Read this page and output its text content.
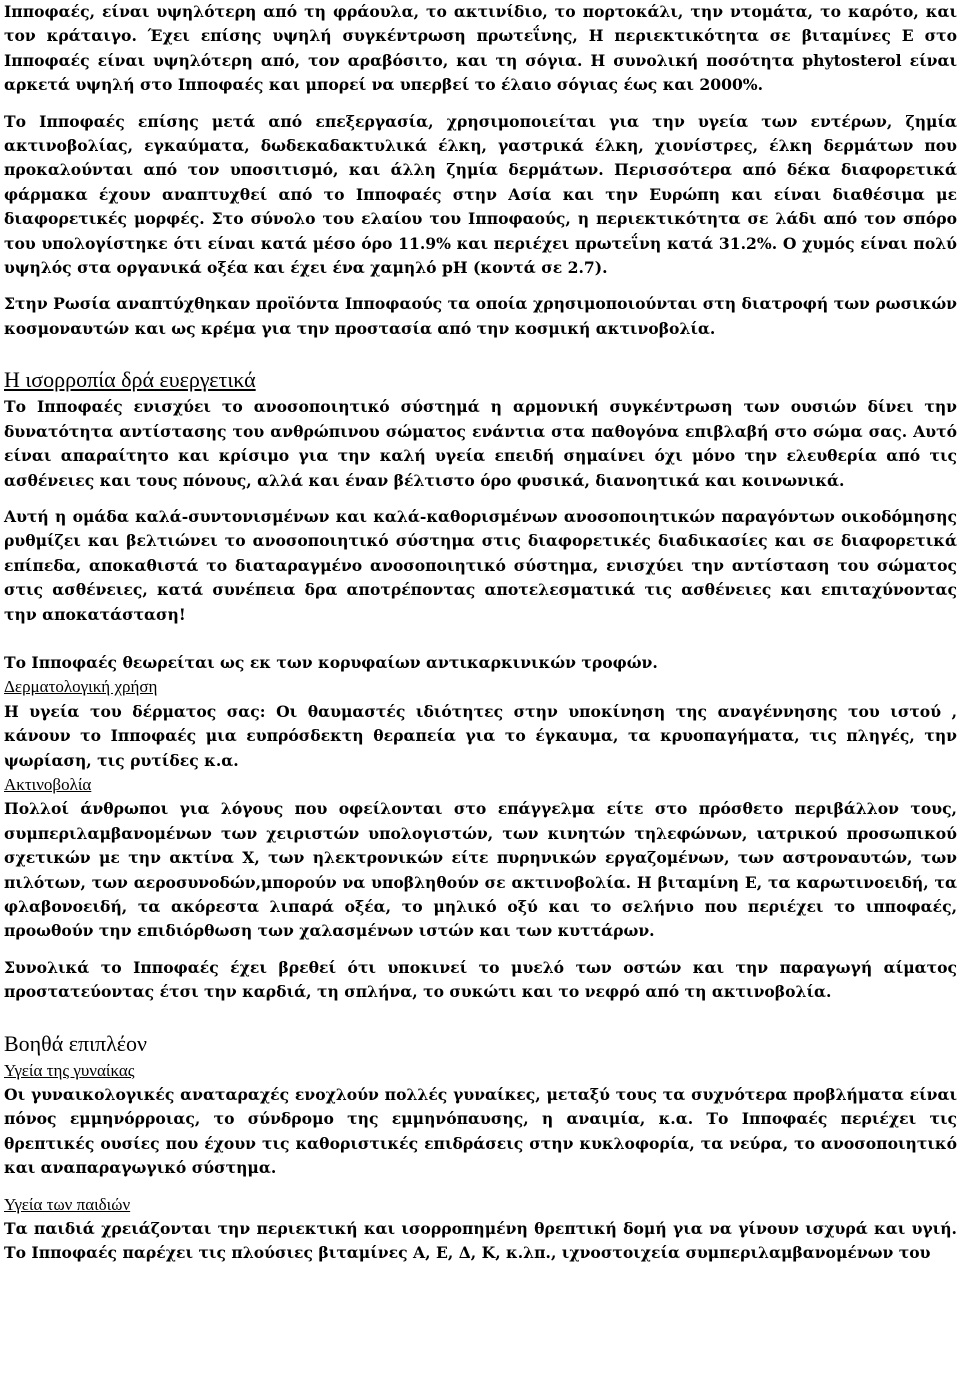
Ιπποφαές, είναι υψηλότερη από τη φράουλα, το ακτινίδιο, το πορτοκάλι, την ντομάτα, το καρότο, και τον κράταιγο. Έχει επίσης υψηλή συγκέντρωση πρωτεΐνης, Η περιεκτικότητα σε βιταμίνες Ε στο Ιπποφαές είναι υψηλότερη από, τον αραβόσιτο, και τη σόγια. Η συνολική ποσότητα phytosterol είναι αρκετά υψηλή στο Ιπποφαές και μπορεί να υπερβεί το έλαιο σόγιας έως και 2000%.

Το Ιπποφαές επίσης μετά από επεξεργασία, χρησιμοποιείται για την υγεία των εντέρων, ζημία ακτινοβολίας, εγκαύματα, δωδεκαδακτυλικά έλκη, γαστρικά έλκη, χιονίστρες, έλκη δερμάτων που προκαλούνται από τον υποσιτισμό, και άλλη ζημία δερμάτων. Περισσότερα από δέκα διαφορετικά φάρμακα έχουν αναπτυχθεί από το Ιπποφαές στην Ασία και την Ευρώπη και είναι διαθέσιμα με διαφορετικές μορφές. Στο σύνολο του ελαίου του Ιπποφαούς, η περιεκτικότητα σε λάδι από τον σπόρο του υπολογίστηκε ότι είναι κατά μέσο όρο 11.9% και περιέχει πρωτεΐνη κατά 31.2%. Ο χυμός είναι πολύ υψηλός στα οργανικά οξέα και έχει ένα χαμηλό pH (κοντά σε 2.7).

Στην Ρωσία αναπτύχθηκαν προϊόντα Ιπποφαούς τα οποία χρησιμοποιούνται στη διατροφή των ρωσικών κοσμοναυτών και ως κρέμα για την προστασία από την κοσμική ακτινοβολία.

Η ισορροπία δρά ευεργετικά

Το Ιπποφαές ενισχύει το ανοσοποιητικό σύστημά η αρμονική συγκέντρωση των ουσιών δίνει την δυνατότητα αντίστασης του ανθρώπινου σώματος ενάντια στα παθογόνα επιβλαβή στο σώμα σας. Αυτό είναι απαραίτητο και κρίσιμο για την καλή υγεία επειδή σημαίνει όχι μόνο την ελευθερία από τις ασθένειες και τους πόνους, αλλά και έναν βέλτιστο όρο φυσικά, διανοητικά και κοινωνικά.

Αυτή η ομάδα καλά-συντονισμένων και καλά-καθορισμένων ανοσοποιητικών παραγόντων οικοδόμησης ρυθμίζει και βελτιώνει το ανοσοποιητικό σύστημα στις διαφορετικές διαδικασίες και σε διαφορετικά επίπεδα, αποκαθιστά το διαταραγμένο ανοσοποιητικό σύστημα, ενισχύει την αντίσταση του σώματος στις ασθένειες, κατά συνέπεια δρα αποτρέποντας αποτελεσματικά τις ασθένειες και επιταχύνοντας την αποκατάσταση!

Το Ιπποφαές θεωρείται ως εκ των κορυφαίων αντικαρκινικών τροφών.

Δερματολογική χρήση

Η υγεία του δέρματος σας: Οι θαυμαστές ιδιότητες στην υποκίνηση της αναγέννησης του ιστού , κάνουν το Ιπποφαές μια ευπρόσδεκτη θεραπεία για το έγκαυμα, τα κρυοπαγήματα, τις πληγές, την ψωρίαση, τις ρυτίδες κ.α.

Ακτινοβολία

Πολλοί άνθρωποι για λόγους που οφείλονται στο επάγγελμα είτε στο πρόσθετο περιβάλλον τους, συμπεριλαμβανομένων των χειριστών υπολογιστών, των κινητών τηλεφώνων, ιατρικού προσωπικού σχετικών με την ακτίνα Χ, των ηλεκτρονικών είτε πυρηνικών εργαζομένων, των αστροναυτών, των πιλότων, των αεροσυνοδών,μπορούν να υποβληθούν σε ακτινοβολία. Η βιταμίνη Ε, τα καρωτινοειδή, τα φλαβονοειδή, τα ακόρεστα λιπαρά οξέα, το μηλικό οξύ και το σελήνιο που περιέχει το ιπποφαές, προωθούν την επιδιόρθωση των χαλασμένων ιστών και των κυττάρων.

Συνολικά το Ιπποφαές έχει βρεθεί ότι υποκινεί το μυελό των οστών και την παραγωγή αίματος προστατεύοντας έτσι την καρδιά, τη σπλήνα, το συκώτι και το νεφρό από τη ακτινοβολία.

Βοηθά επιπλέον
Υγεία της γυναίκας

Οι γυναικολογικές αναταραχές ενοχλούν πολλές γυναίκες, μεταξύ τους τα συχνότερα προβλήματα είναι πόνος εμμηνόρροιας, το σύνδρομο της εμμηνόπαυσης, η αναιμία, κ.α. Το Ιπποφαές περιέχει τις θρεπτικές ουσίες που έχουν τις καθοριστικές επιδράσεις στην κυκλοφορία, τα νεύρα, το ανοσοποιητικό και αναπαραγωγικό σύστημα.

Υγεία των παιδιών

Τα παιδιά χρειάζονται την περιεκτική και ισορροπημένη θρεπτική δομή για να γίνουν ισχυρά και υγιή. Το Ιπποφαές παρέχει τις πλούσιες βιταμίνες Α, Ε, Δ, Κ, κ.λπ., ιχνοστοιχεία συμπεριλαμβανομένων του
